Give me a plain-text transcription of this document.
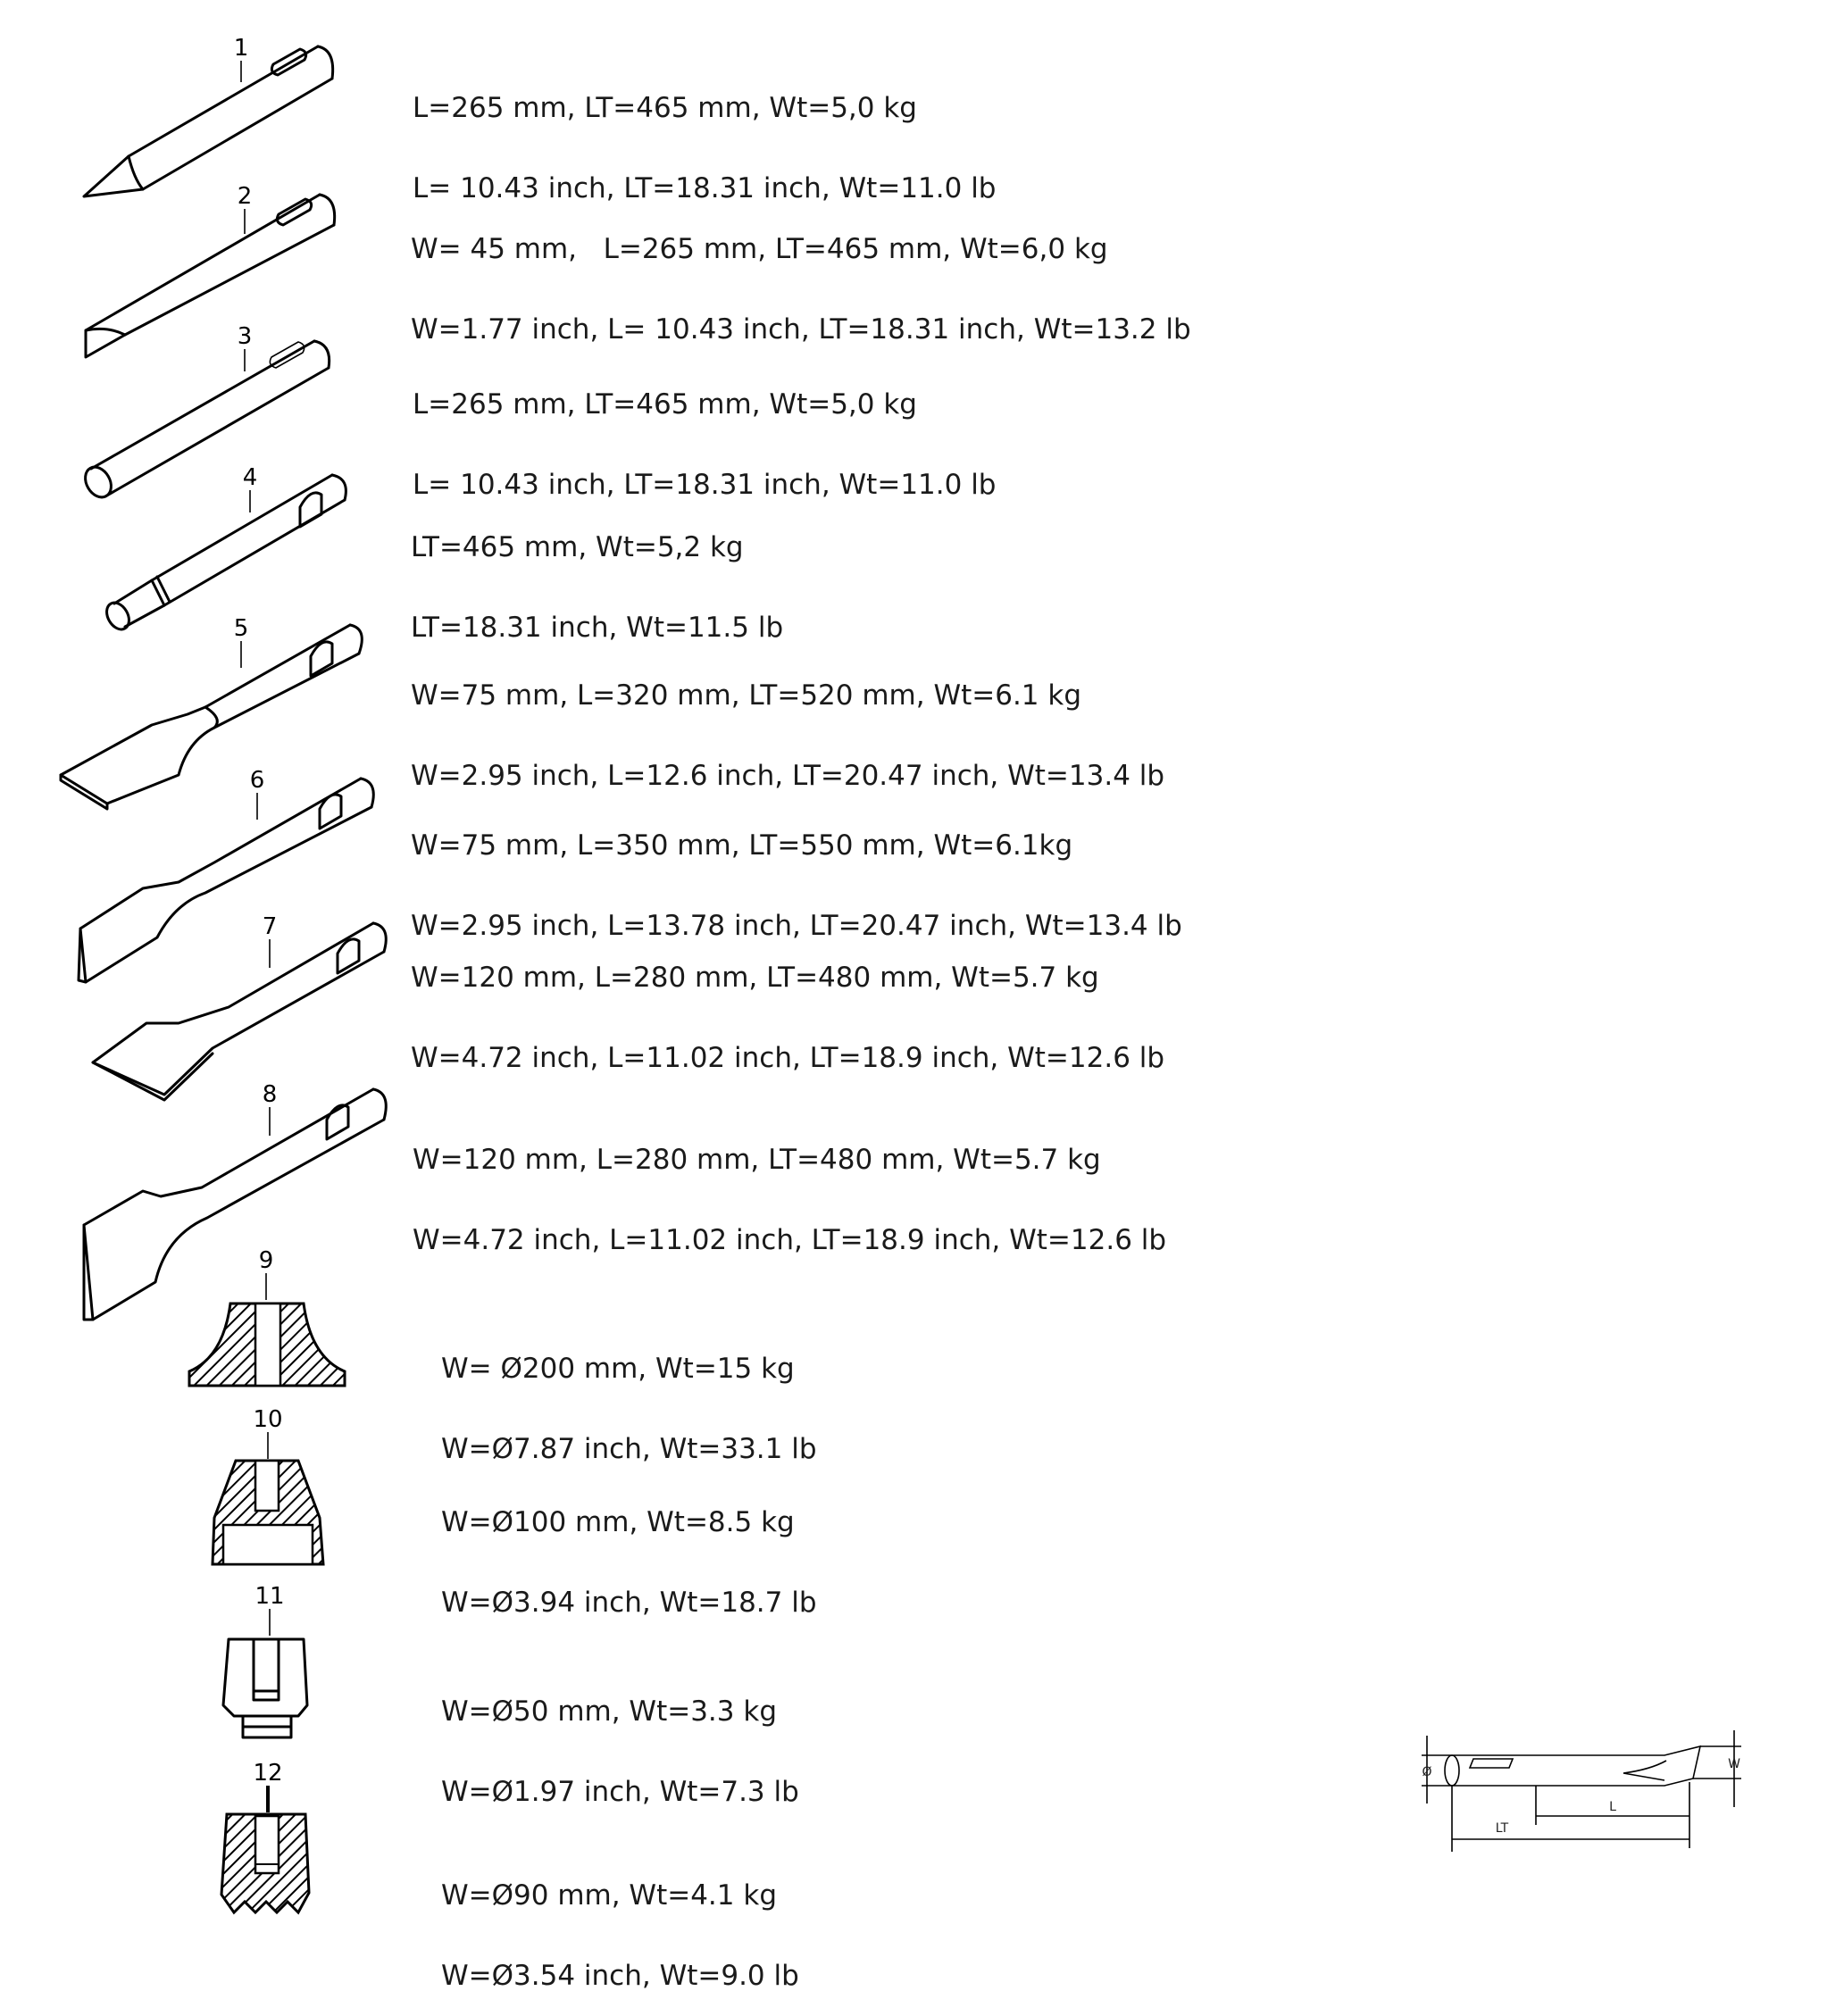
1
2
3
4
5
6
7
8
9
10
11
12	Ø
W
L
LT

L=265 mm, LT=465 mm, Wt=5,0 kg

L= 10.43 inch, LT=18.31 inch, Wt=11.0 lb

W= 45 mm,   L=265 mm, LT=465 mm, Wt=6,0 kg

W=1.77 inch, L= 10.43 inch, LT=18.31 inch, Wt=13.2 lb

L=265 mm, LT=465 mm, Wt=5,0 kg

L= 10.43 inch, LT=18.31 inch, Wt=11.0 lb

LT=465 mm, Wt=5,2 kg

LT=18.31 inch, Wt=11.5 lb

W=75 mm, L=320 mm, LT=520 mm, Wt=6.1 kg

W=2.95 inch, L=12.6 inch, LT=20.47 inch, Wt=13.4 lb

W=75 mm, L=350 mm, LT=550 mm, Wt=6.1kg

W=2.95 inch, L=13.78 inch, LT=20.47 inch, Wt=13.4 lb

W=120 mm, L=280 mm, LT=480 mm, Wt=5.7 kg

W=4.72 inch, L=11.02 inch, LT=18.9 inch, Wt=12.6 lb

W=120 mm, L=280 mm, LT=480 mm, Wt=5.7 kg

W=4.72 inch, L=11.02 inch, LT=18.9 inch, Wt=12.6 lb

W= Ø200 mm, Wt=15 kg

W=Ø7.87 inch, Wt=33.1 lb

W=Ø100 mm, Wt=8.5 kg

W=Ø3.94 inch, Wt=18.7 lb

W=Ø50 mm, Wt=3.3 kg

W=Ø1.97 inch, Wt=7.3 lb

W=Ø90 mm, Wt=4.1 kg

W=Ø3.54 inch, Wt=9.0 lb
